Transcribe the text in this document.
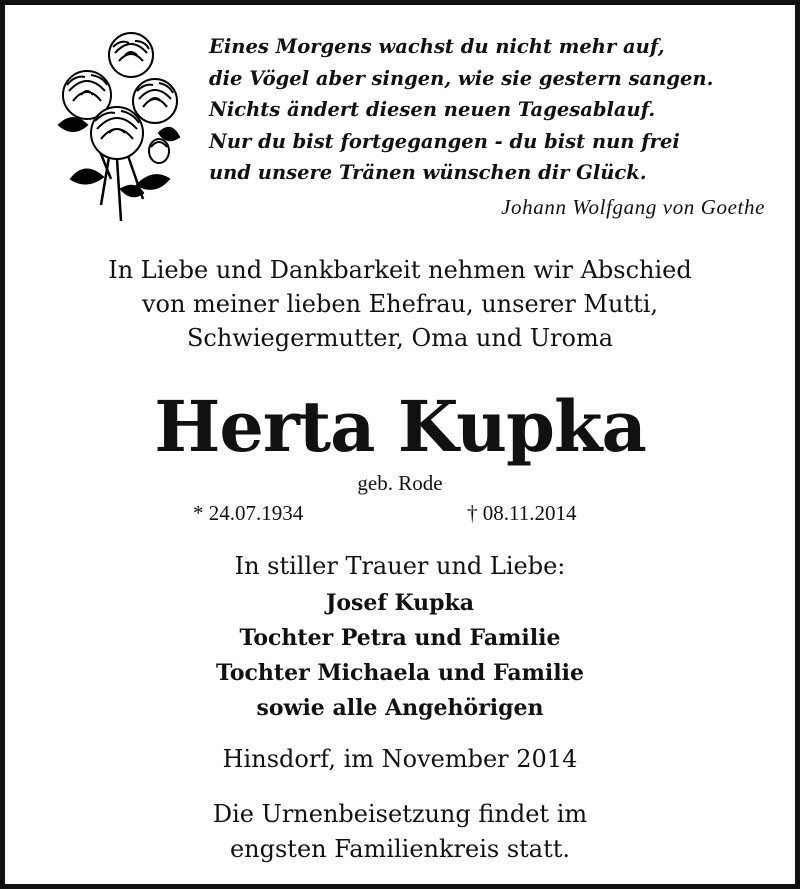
Eines Morgens wachst du nicht mehr auf,
die Vögel aber singen, wie sie gestern sangen.
Nichts ändert diesen neuen Tagesablauf.
Nur du bist fortgegangen - du bist nun frei
und unsere Tränen wünschen dir Glück.
Johann Wolfgang von Goethe
In Liebe und Dankbarkeit nehmen wir Abschied
von meiner lieben Ehefrau, unserer Mutti,
Schwiegermutter, Oma und Uroma
Herta Kupka
geb. Rode
* 24.07.1934	† 08.11.2014
In stiller Trauer und Liebe:
Josef Kupka
Tochter Petra und Familie
Tochter Michaela und Familie
sowie alle Angehörigen
Hinsdorf, im November 2014
Die Urnenbeisetzung findet im
engsten Familienkreis statt.
